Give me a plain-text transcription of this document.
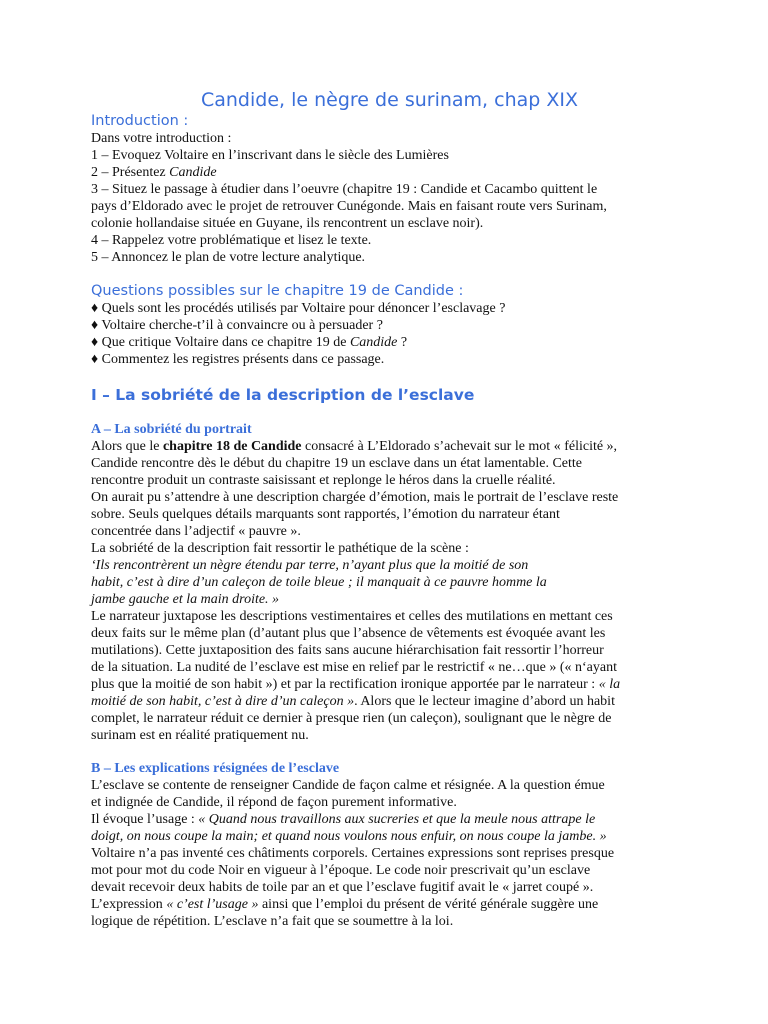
Candide, le nègre de surinam, chap XIX
Introduction :

Dans votre introduction :

1 – Evoquez Voltaire en l’inscrivant dans le siècle des Lumières

2 – Présentez Candide

3 – Situez le passage à étudier dans l’oeuvre (chapitre 19 : Candide et Cacambo quittent le

pays d’Eldorado avec le projet de retrouver Cunégonde. Mais en faisant route vers Surinam,

colonie hollandaise située en Guyane, ils rencontrent un esclave noir).

4 – Rappelez votre problématique et lisez le texte.

5 – Annoncez le plan de votre lecture analytique.

Questions possibles sur le chapitre 19 de Candide :

♦ Quels sont les procédés utilisés par Voltaire pour dénoncer l’esclavage ?

♦ Voltaire cherche-t’il à convaincre ou à persuader ?

♦ Que critique Voltaire dans ce chapitre 19 de Candide ?

♦ Commentez les registres présents dans ce passage.

I – La sobriété de la description de l’esclave
A – La sobriété du portrait

Alors que le chapitre 18 de Candide consacré à L’Eldorado s’achevait sur le mot « félicité »,

Candide rencontre dès le début du chapitre 19 un esclave dans un état lamentable. Cette

rencontre produit un contraste saisissant et replonge le héros dans la cruelle réalité.

On aurait pu s’attendre à une description chargée d’émotion, mais le portrait de l’esclave reste

sobre. Seuls quelques détails marquants sont rapportés, l’émotion du narrateur étant

concentrée dans l’adjectif « pauvre ».

La sobriété de la description fait ressortir le pathétique de la scène :

‘Ils rencontrèrent un nègre étendu par terre, n’ayant plus que la moitié de son

habit, c’est à dire d’un caleçon de toile bleue ; il manquait à ce pauvre homme la

jambe gauche et la main droite. »

Le narrateur juxtapose les descriptions vestimentaires et celles des mutilations en mettant ces

deux faits sur le même plan (d’autant plus que l’absence de vêtements est évoquée avant les

mutilations). Cette juxtaposition des faits sans aucune hiérarchisation fait ressortir l’horreur

de la situation. La nudité de l’esclave est mise en relief par le restrictif « ne…que » (« n‘ayant

plus que la moitié de son habit ») et par la rectification ironique apportée par le narrateur : « la

moitié de son habit, c’est à dire d’un caleçon ». Alors que le lecteur imagine d’abord un habit

complet, le narrateur réduit ce dernier à presque rien (un caleçon), soulignant que le nègre de

surinam est en réalité pratiquement nu.

B – Les explications résignées de l’esclave

L’esclave se contente de renseigner Candide de façon calme et résignée. A la question émue

et indignée de Candide, il répond de façon purement informative.

Il évoque l’usage : « Quand nous travaillons aux sucreries et que la meule nous attrape le

doigt, on nous coupe la main; et quand nous voulons nous enfuir, on nous coupe la jambe. »

Voltaire n’a pas inventé ces châtiments corporels. Certaines expressions sont reprises presque

mot pour mot du code Noir en vigueur à l’époque. Le code noir prescrivait qu’un esclave

devait recevoir deux habits de toile par an et que l’esclave fugitif avait le « jarret coupé ».

L’expression « c’est l’usage » ainsi que l’emploi du présent de vérité générale suggère une

logique de répétition. L’esclave n’a fait que se soumettre à la loi.
